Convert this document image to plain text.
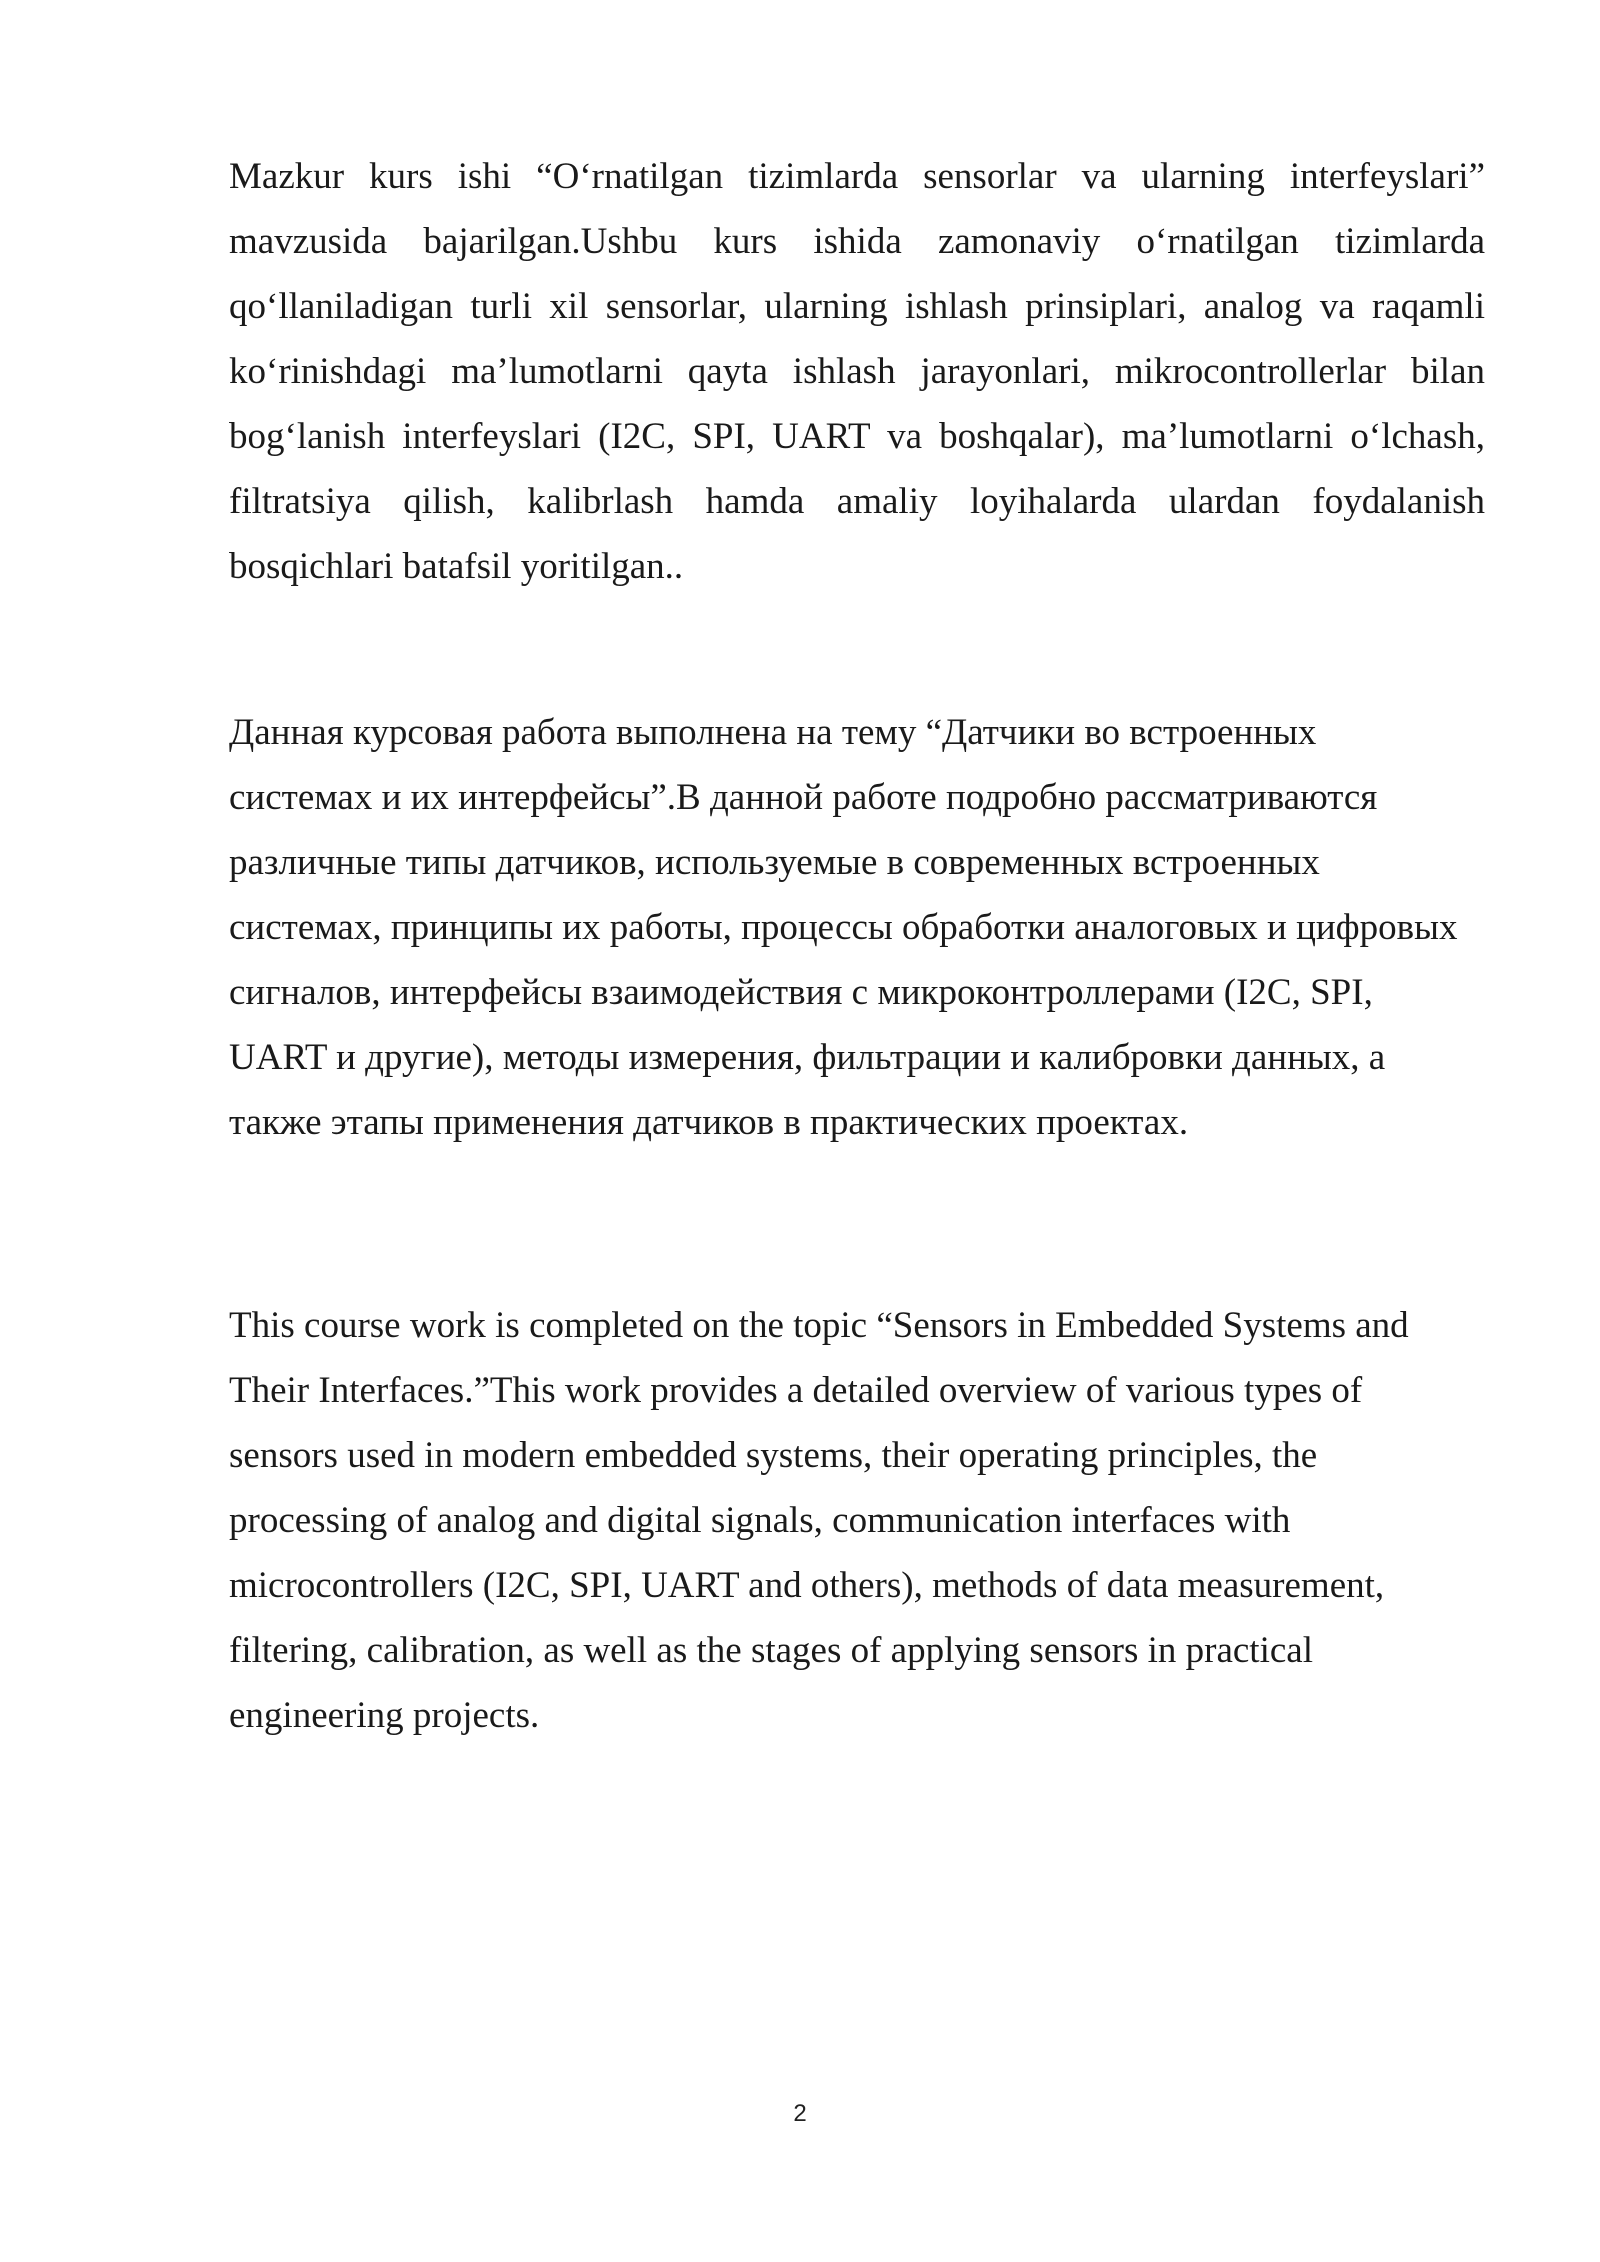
Mazkur kurs ishi “O‘rnatilgan tizimlarda sensorlar va ularning interfeyslari”
mavzusida bajarilgan.Ushbu kurs ishida zamonaviy o‘rnatilgan tizimlarda
qo‘llaniladigan turli xil sensorlar, ularning ishlash prinsiplari, analog va raqamli
ko‘rinishdagi ma’lumotlarni qayta ishlash jarayonlari, mikrocontrollerlar bilan
bog‘lanish interfeyslari (I2C, SPI, UART va boshqalar), ma’lumotlarni o‘lchash,
filtratsiya qilish, kalibrlash hamda amaliy loyihalarda ulardan foydalanish
bosqichlari batafsil yoritilgan..

Данная курсовая работа выполнена на тему “Датчики во встроенных
системах и их интерфейсы”.В данной работе подробно рассматриваются
различные типы датчиков, используемые в современных встроенных
системах, принципы их работы, процессы обработки аналоговых и цифровых
сигналов, интерфейсы взаимодействия с микроконтроллерами (I2C, SPI,
UART и другие), методы измерения, фильтрации и калибровки данных, а
также этапы применения датчиков в практических проектах.

This course work is completed on the topic “Sensors in Embedded Systems and
Their Interfaces.”This work provides a detailed overview of various types of
sensors used in modern embedded systems, their operating principles, the
processing of analog and digital signals, communication interfaces with
microcontrollers (I2C, SPI, UART and others), methods of data measurement,
filtering, calibration, as well as the stages of applying sensors in practical
engineering projects.

2
